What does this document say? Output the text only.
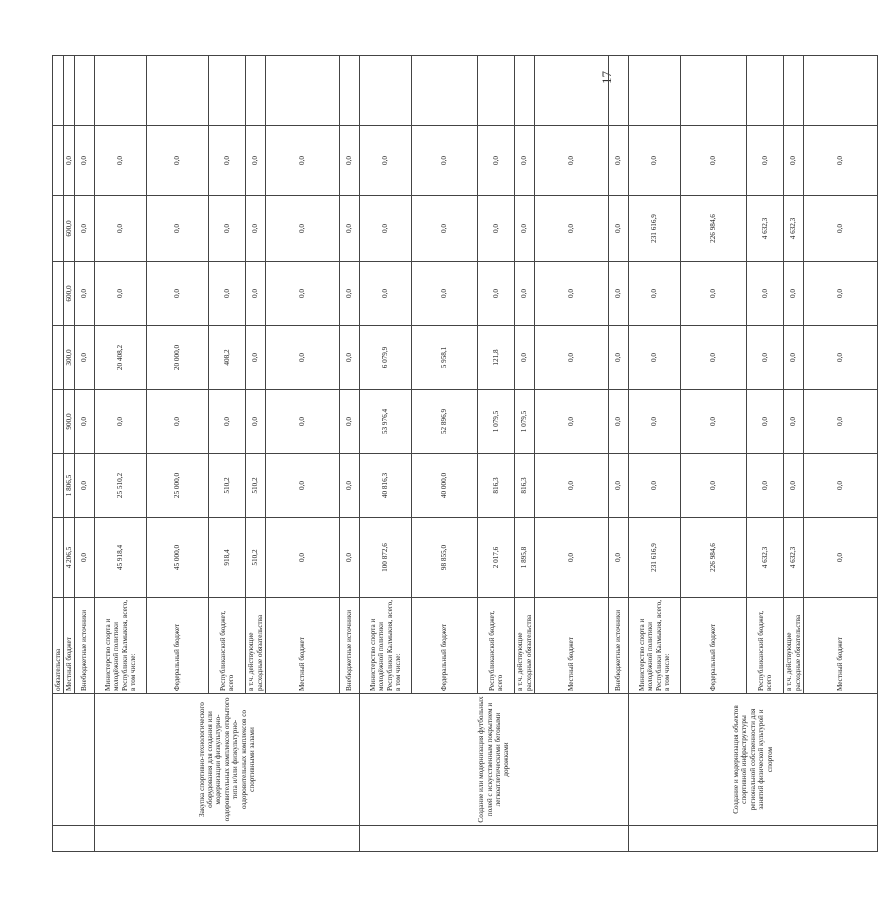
17
		обязательства								
		Местный бюджет	4 206,5	1 806,5	900,0	300,0	600,0	600,0	0,0	
		Внебюджетные источники	0,0	0,0	0,0	0,0	0,0	0,0	0,0	
	Закупка спортивно-технологического оборудования для создания или модернизации физкультурно-оздоровительных комплексов открытого типа и/или физкультурно-оздоровительных комплексов со спортивными залами	Министерство спорта и молодёжной политики Республики Калмыкия, всего, в том числе:	45 918,4	25 510,2	0,0	20 408,2	0,0	0,0	0,0	
		Федеральный бюджет	45 000,0	25 000,0	0,0	20 000,0	0,0	0,0	0,0	
		Республиканский бюджет, всего	918,4	510,2	0,0	408,2	0,0	0,0	0,0	
		в т.ч. действующие расходные обязательства	510,2	510,2	0,0	0,0	0,0	0,0	0,0	
		Местный бюджет	0,0	0,0	0,0	0,0	0,0	0,0	0,0	
		Внебюджетные источники	0,0	0,0	0,0	0,0	0,0	0,0	0,0	
	Создание или модернизация футбольных полей с искусственным покрытием и легкоатлетическими беговыми дорожками	Министерство спорта и молодёжной политики Республики Калмыкия, всего, в том числе:	100 872,6	40 816,3	53 976,4	6 079,9	0,0	0,0	0,0	
		Федеральный бюджет	98 855,0	40 000,0	52 896,9	5 958,1	0,0	0,0	0,0	
		Республиканский бюджет, всего	2 017,6	816,3	1 079,5	121,8	0,0	0,0	0,0	
		в т.ч. действующие расходные обязательства	1 895,8	816,3	1 079,5	0,0	0,0	0,0	0,0	
		Местный бюджет	0,0	0,0	0,0	0,0	0,0	0,0	0,0	
		Внебюджетные источники	0,0	0,0	0,0	0,0	0,0	0,0	0,0	
	Создание и модернизация объектов спортивной инфраструктуры региональной собственности для занятий физической культурой и спортом	Министерство спорта и молодёжной политики Республики Калмыкия, всего, в том числе:	231 616,9	0,0	0,0	0,0	0,0	231 616,9	0,0	
		Федеральный бюджет	226 984,6	0,0	0,0	0,0	0,0	226 984,6	0,0	
		Республиканский бюджет, всего	4 632,3	0,0	0,0	0,0	0,0	4 632,3	0,0	
		в т.ч. действующие расходные обязательства	4 632,3	0,0	0,0	0,0	0,0	4 632,3	0,0	
		Местный бюджет	0,0	0,0	0,0	0,0	0,0	0,0	0,0	
